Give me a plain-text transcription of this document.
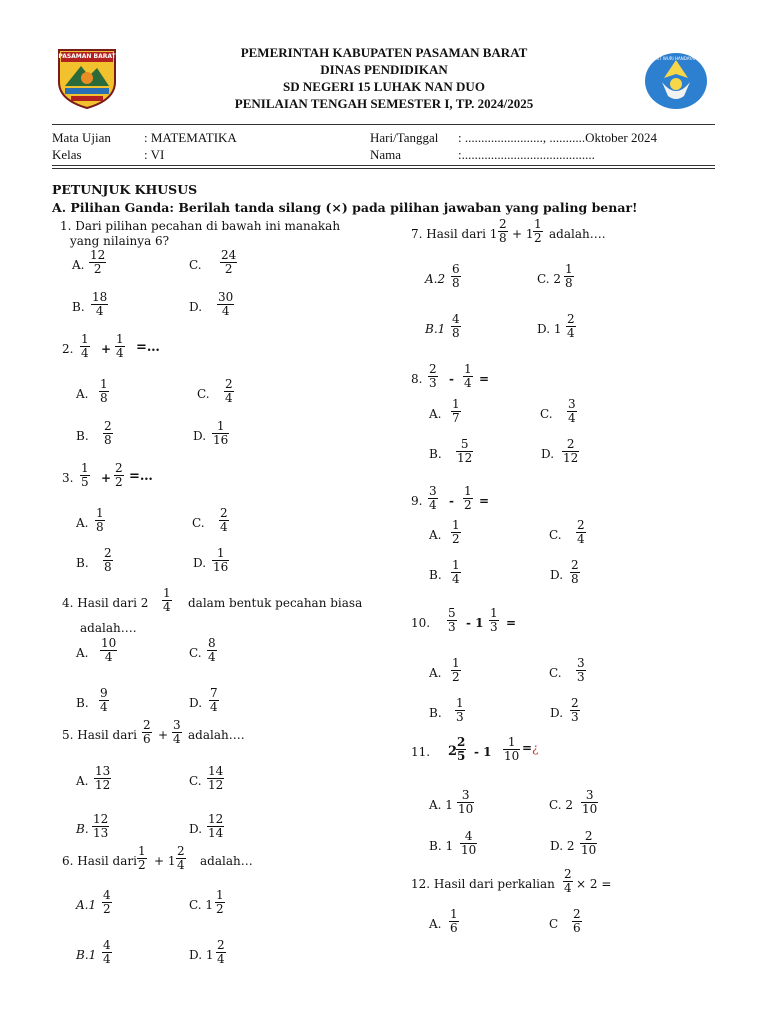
PASAMAN BARAT	TUT WURI HANDAYANI
PEMERINTAH KABUPATEN PASAMAN BARAT
DINAS PENDIDIKAN
SD NEGERI 15 LUHAK NAN DUO
PENILAIAN TENGAH SEMESTER I, TP. 2024/2025
Mata Ujian	: MATEMATIKA	Hari/Tanggal : ........................, ...........Oktober 2024
Kelas	: VI	Nama	:.........................................
PETUNJUK KHUSUS
A. Pilihan Ganda: Berilah tanda silang (×) pada pilihan jawaban yang paling benar!
1. Dari pilihan pecahan di bawah ini manakah
yang nilainya 6?
A. $\frac{12}{2}$	C. $\frac{24}{2}$
B. $\frac{18}{4}$	D. $\frac{30}{4}$
2. $\frac{1}{4} + \frac{1}{4}$ =…
A. $\frac{1}{8}$	C. $\frac{2}{4}$
B. $\frac{2}{8}$	D. $\frac{1}{16}$
3. $\frac{1}{5} + \frac{2}{2}$ =…
A. $\frac{1}{8}$	C. $\frac{2}{4}$
B. $\frac{2}{8}$	D. $\frac{1}{16}$
4. Hasil dari $2 \frac{1}{4}$ dalam bentuk pecahan biasa
adalah….
A. $\frac{10}{4}$	C. $\frac{8}{4}$
B. $\frac{9}{4}$	D. $\frac{7}{4}$
5. Hasil dari $\frac{2}{6} + \frac{3}{4}$ adalah….
A. $\frac{13}{12}$	C. $\frac{14}{12}$
B. $\frac{12}{13}$	D. $\frac{12}{14}$
6. Hasil dari $\frac{1}{2} + 1 \frac{2}{4}$ adalah…
$A.1 \frac{4}{2}$	C. $1 \frac{1}{2}$
$B.1 \frac{4}{4}$	D. $1 \frac{2}{4}$
7. Hasil dari $1 \frac{2}{8} + 1 \frac{1}{2}$ adalah….
$A.2 \frac{6}{8}$	C. $2 \frac{1}{8}$
$B.1 \frac{4}{8}$	D. $1 \frac{2}{4}$
8. $\frac{2}{3} - \frac{1}{4}$ =
A. $\frac{1}{7}$	C. $\frac{3}{4}$
B. $\frac{5}{12}$	D. $\frac{2}{12}$
9. $\frac{3}{4} - \frac{1}{2}$ =
A. $\frac{1}{2}$	C. $\frac{2}{4}$
B. $\frac{1}{4}$	D. $\frac{2}{8}$
10. $\frac{5}{3} - 1 \frac{1}{3}$ =
A. $\frac{1}{2}$	C. $\frac{3}{3}$
B. $\frac{1}{3}$	D. $\frac{2}{3}$
11. 2
$\frac{2}{5} - 1 \frac{1}{10}$ = ¿
A. $1 \frac{3}{10}$	C. $2 \frac{3}{10}$
B. $1 \frac{4}{10}$	D. $2 \frac{2}{10}$
12. Hasil dari perkalian $\frac{2}{4} \times 2$ =
A. $\frac{1}{6}$	C $\frac{2}{6}$
